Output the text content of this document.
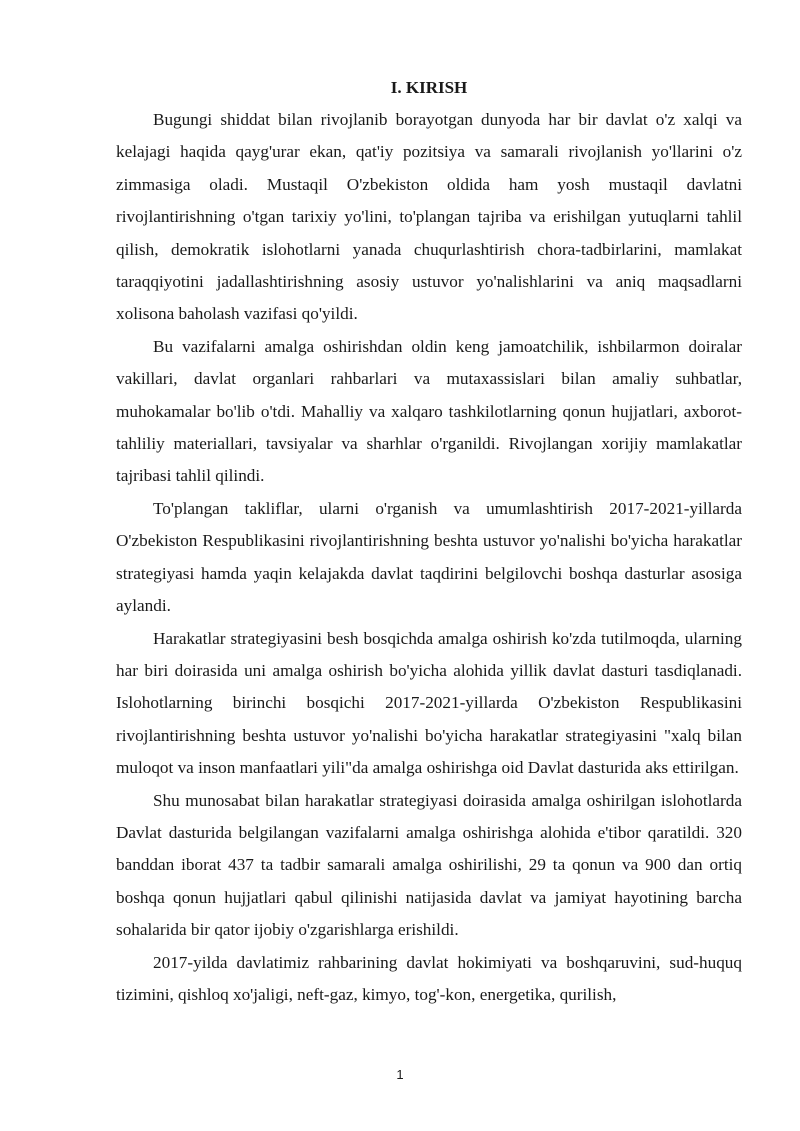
I. KIRISH

Bugungi shiddat bilan rivojlanib borayotgan dunyoda har bir davlat o'z xalqi va kelajagi haqida qayg'urar ekan, qat'iy pozitsiya va samarali rivojlanish yo'llarini o'z zimmasiga oladi. Mustaqil O'zbekiston oldida ham yosh mustaqil davlatni rivojlantirishning o'tgan tarixiy yo'lini, to'plangan tajriba va erishilgan yutuqlarni tahlil qilish, demokratik islohotlarni yanada chuqurlashtirish chora-tadbirlarini, mamlakat taraqqiyotini jadallashtirishning asosiy ustuvor yo'nalishlarini va aniq maqsadlarni xolisona baholash vazifasi qo'yildi.

Bu vazifalarni amalga oshirishdan oldin keng jamoatchilik, ishbilarmon doiralar vakillari, davlat organlari rahbarlari va mutaxassislari bilan amaliy suhbatlar, muhokamalar bo'lib o'tdi. Mahalliy va xalqaro tashkilotlarning qonun hujjatlari, axborot-tahliliy materiallari, tavsiyalar va sharhlar o'rganildi. Rivojlangan xorijiy mamlakatlar tajribasi tahlil qilindi.

To'plangan takliflar, ularni o'rganish va umumlashtirish 2017-2021-yillarda O'zbekiston Respublikasini rivojlantirishning beshta ustuvor yo'nalishi bo'yicha harakatlar strategiyasi hamda yaqin kelajakda davlat taqdirini belgilovchi boshqa dasturlar asosiga aylandi.

Harakatlar strategiyasini besh bosqichda amalga oshirish ko'zda tutilmoqda, ularning har biri doirasida uni amalga oshirish bo'yicha alohida yillik davlat dasturi tasdiqlanadi. Islohotlarning birinchi bosqichi 2017-2021-yillarda O'zbekiston Respublikasini rivojlantirishning beshta ustuvor yo'nalishi bo'yicha harakatlar strategiyasini "xalq bilan muloqot va inson manfaatlari yili"da amalga oshirishga oid Davlat dasturida aks ettirilgan.

Shu munosabat bilan harakatlar strategiyasi doirasida amalga oshirilgan islohotlarda Davlat dasturida belgilangan vazifalarni amalga oshirishga alohida e'tibor qaratildi. 320 banddan iborat 437 ta tadbir samarali amalga oshirilishi, 29 ta qonun va 900 dan ortiq boshqa qonun hujjatlari qabul qilinishi natijasida davlat va jamiyat hayotining barcha sohalarida bir qator ijobiy o'zgarishlarga erishildi.

2017-yilda davlatimiz rahbarining davlat hokimiyati va boshqaruvini, sud-huquq tizimini, qishloq xo'jaligi, neft-gaz, kimyo, tog'-kon, energetika, qurilish,

1
